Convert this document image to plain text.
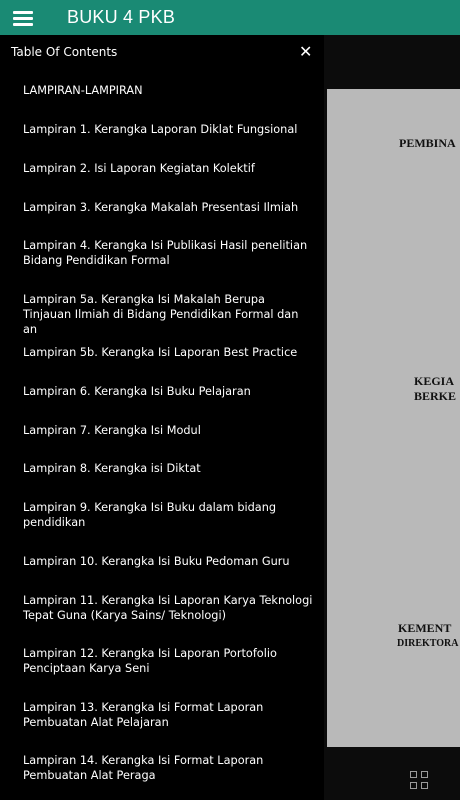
BUKU 4 PKB
PEMBINA
KEGIA
BERKE
KEMENT
DIREKTORA
Table Of Contents	✕
LAMPIRAN-LAMPIRAN
Lampiran 1. Kerangka Laporan Diklat Fungsional
Lampiran 2. Isi Laporan Kegiatan Kolektif
Lampiran 3. Kerangka Makalah Presentasi Ilmiah
Lampiran 4. Kerangka Isi Publikasi Hasil penelitian Bidang Pendidikan Formal
Lampiran 5a. Kerangka Isi Makalah Berupa Tinjauan Ilmiah di Bidang Pendidikan Formal dan an
Lampiran 5b. Kerangka Isi Laporan Best Practice
Lampiran 6. Kerangka Isi Buku Pelajaran
Lampiran 7. Kerangka Isi Modul
Lampiran 8. Kerangka isi Diktat
Lampiran 9. Kerangka Isi Buku dalam bidang pendidikan
Lampiran 10. Kerangka Isi Buku Pedoman Guru
Lampiran 11. Kerangka Isi Laporan Karya Teknologi Tepat Guna (Karya Sains/ Teknologi)
Lampiran 12. Kerangka Isi Laporan Portofolio Penciptaan Karya Seni
Lampiran 13. Kerangka Isi Format Laporan Pembuatan Alat Pelajaran
Lampiran 14. Kerangka Isi Format Laporan Pembuatan Alat Peraga
